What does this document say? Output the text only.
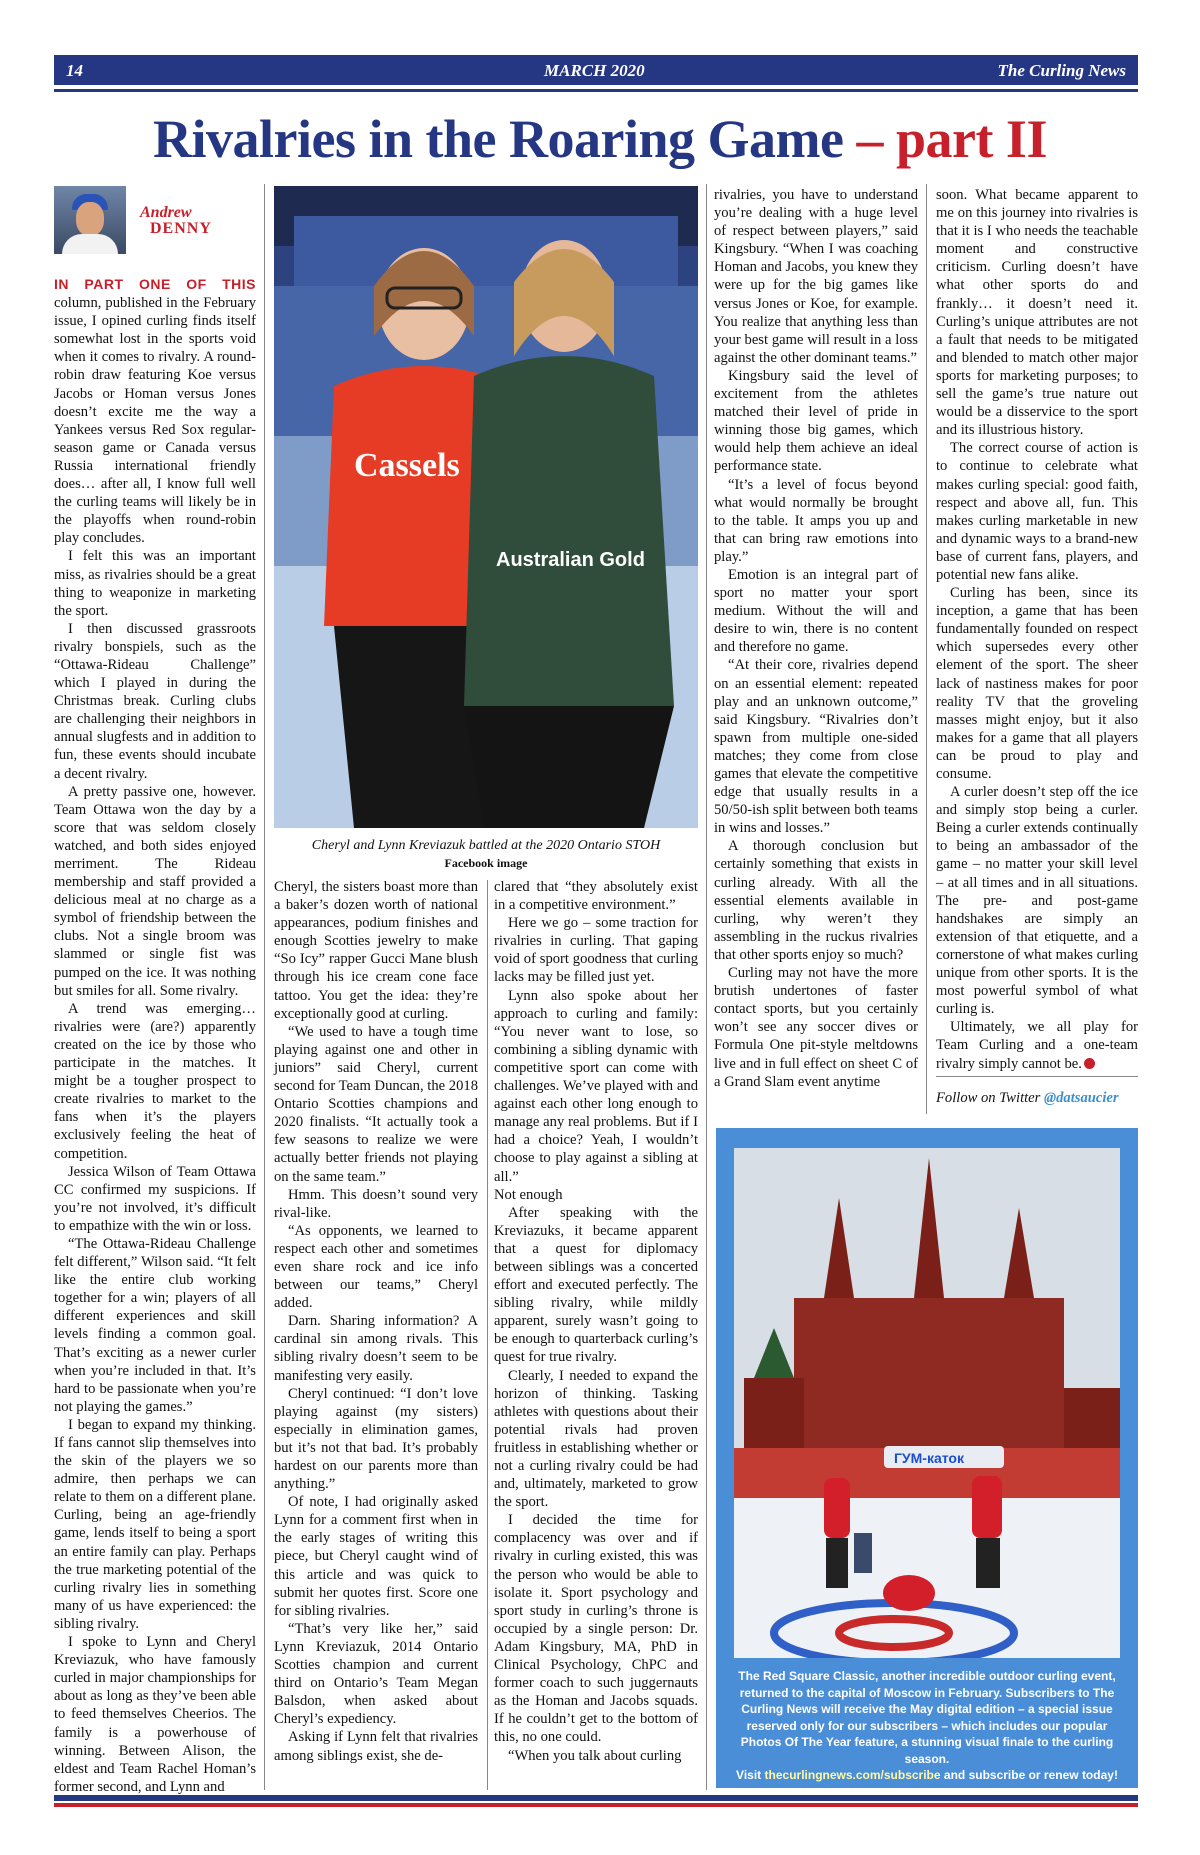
14	MARCH 2020	The Curling News
Rivalries in the Roaring Game – part II
Andrew
DENNY

IN PART ONE OF THIS column, published in the February issue, I opined curling finds itself somewhat lost in the sports void when it comes to rivalry. A round-robin draw featuring Koe versus Jacobs or Homan versus Jones doesn’t excite me the way a Yankees versus Red Sox regular-season game or Canada versus Russia international friendly does… after all, I know full well the curling teams will likely be in the playoffs when round-robin play concludes.

I felt this was an important miss, as rivalries should be a great thing to weaponize in marketing the sport.

I then discussed grassroots rivalry bonspiels, such as the “Ottawa-Rideau Challenge” which I played in during the Christmas break. Curling clubs are challenging their neighbors in annual slugfests and in addition to fun, these events should incubate a decent rivalry.

A pretty passive one, however. Team Ottawa won the day by a score that was seldom closely watched, and both sides enjoyed merriment. The Rideau membership and staff provided a delicious meal at no charge as a symbol of friendship between the clubs. Not a single broom was slammed or single fist was pumped on the ice. It was nothing but smiles for all. Some rivalry.

A trend was emerging… rivalries were (are?) apparently created on the ice by those who participate in the matches. It might be a tougher prospect to create rivalries to market to the fans when it’s the players exclusively feeling the heat of competition.

Jessica Wilson of Team Ottawa CC confirmed my suspicions. If you’re not involved, it’s difficult to empathize with the win or loss.

“The Ottawa-Rideau Challenge felt different,” Wilson said. “It felt like the entire club working together for a win; players of all different experiences and skill levels finding a common goal. That’s exciting as a newer curler when you’re included in that. It’s hard to be passionate when you’re not playing the games.”

I began to expand my thinking. If fans cannot slip themselves into the skin of the players we so admire, then perhaps we can relate to them on a different plane. Curling, being an age-friendly game, lends itself to being a sport an entire family can play. Perhaps the true marketing potential of the curling rivalry lies in something many of us have experienced: the sibling rivalry.

I spoke to Lynn and Cheryl Kreviazuk, who have famously curled in major championships for about as long as they’ve been able to feed themselves Cheerios. The family is a powerhouse of winning. Between Alison, the eldest and Team Rachel Homan’s former second, and Lynn and

Cassels
Australian Gold
Cheryl and Lynn Kreviazuk battled at the 2020 Ontario STOH
Facebook image

Cheryl, the sisters boast more than a baker’s dozen worth of national appearances, podium finishes and enough Scotties jewelry to make “So Icy” rapper Gucci Mane blush through his ice cream cone face tattoo. You get the idea: they’re exceptionally good at curling.

“We used to have a tough time playing against one and other in juniors” said Cheryl, current second for Team Duncan, the 2018 Ontario Scotties champions and 2020 finalists. “It actually took a few seasons to realize we were actually better friends not playing on the same team.”

Hmm. This doesn’t sound very rival-like.

“As opponents, we learned to respect each other and sometimes even share rock and ice info between our teams,” Cheryl added.

Darn. Sharing information? A cardinal sin among rivals. This sibling rivalry doesn’t seem to be manifesting very easily.

Cheryl continued: “I don’t love playing against (my sisters) especially in elimination games, but it’s not that bad. It’s probably hardest on our parents more than anything.”

Of note, I had originally asked Lynn for a comment first when in the early stages of writing this piece, but Cheryl caught wind of this article and was quick to submit her quotes first. Score one for sibling rivalries.

“That’s very like her,” said Lynn Kreviazuk, 2014 Ontario Scotties champion and current third on Ontario’s Team Megan Balsdon, when asked about Cheryl’s expediency.

Asking if Lynn felt that rivalries among siblings exist, she de-

clared that “they absolutely exist in a competitive environment.”

Here we go – some traction for rivalries in curling. That gaping void of sport goodness that curling lacks may be filled just yet.

Lynn also spoke about her approach to curling and family: “You never want to lose, so combining a sibling dynamic with competitive sport can come with challenges. We’ve played with and against each other long enough to manage any real problems. But if I had a choice? Yeah, I wouldn’t choose to play against a sibling at all.”

Not enough

After speaking with the Kreviazuks, it became apparent that a quest for diplomacy between siblings was a concerted effort and executed perfectly. The sibling rivalry, while mildly apparent, surely wasn’t going to be enough to quarterback curling’s quest for true rivalry.

Clearly, I needed to expand the horizon of thinking. Tasking athletes with questions about their potential rivals had proven fruitless in establishing whether or not a curling rivalry could be had and, ultimately, marketed to grow the sport.

I decided the time for complacency was over and if rivalry in curling existed, this was the person who would be able to isolate it. Sport psychology and sport study in curling’s throne is occupied by a single person: Dr. Adam Kingsbury, MA, PhD in Clinical Psychology, ChPC and former coach to such juggernauts as the Homan and Jacobs squads. If he couldn’t get to the bottom of this, no one could.

“When you talk about curling

rivalries, you have to understand you’re dealing with a huge level of respect between players,” said Kingsbury. “When I was coaching Homan and Jacobs, you knew they were up for the big games like versus Jones or Koe, for example. You realize that anything less than your best game will result in a loss against the other dominant teams.”

Kingsbury said the level of excitement from the athletes matched their level of pride in winning those big games, which would help them achieve an ideal performance state.

“It’s a level of focus beyond what would normally be brought to the table. It amps you up and that can bring raw emotions into play.”

Emotion is an integral part of sport no matter your sport medium. Without the will and desire to win, there is no content and therefore no game.

“At their core, rivalries depend on an essential element: repeated play and an unknown outcome,” said Kingsbury. “Rivalries don’t spawn from multiple one-sided matches; they come from close games that elevate the competitive edge that usually results in a 50/50-ish split between both teams in wins and losses.”

A thorough conclusion but certainly something that exists in curling already. With all the essential elements available in curling, why weren’t they assembling in the ruckus rivalries that other sports enjoy so much?

Curling may not have the more brutish undertones of faster contact sports, but you certainly won’t see any soccer dives or Formula One pit-style meltdowns live and in full effect on sheet C of a Grand Slam event anytime

soon. What became apparent to me on this journey into rivalries is that it is I who needs the teachable moment and constructive criticism. Curling doesn’t have what other sports do and frankly… it doesn’t need it. Curling’s unique attributes are not a fault that needs to be mitigated and blended to match other major sports for marketing purposes; to sell the game’s true nature out would be a disservice to the sport and its illustrious history.

The correct course of action is to continue to celebrate what makes curling special: good faith, respect and above all, fun. This makes curling marketable in new and dynamic ways to a brand-new base of current fans, players, and potential new fans alike.

Curling has been, since its inception, a game that has been fundamentally founded on respect which supersedes every other element of the sport. The sheer lack of nastiness makes for poor reality TV that the groveling masses might enjoy, but it also makes for a game that all players can be proud to play and consume.

A curler doesn’t step off the ice and simply stop being a curler. Being a curler extends continually to being an ambassador of the game – no matter your skill level – at all times and in all situations. The pre- and post-game handshakes are simply an extension of that etiquette, and a cornerstone of what makes curling unique from other sports. It is the most powerful symbol of what curling is.

Ultimately, we all play for Team Curling and a one-team rivalry simply cannot be.

Follow on Twitter @datsaucier
ГУМ-каток
The Red Square Classic, another incredible outdoor curling event, returned to the capital of Moscow in February. Subscribers to The Curling News will receive the May digital edition – a special issue reserved only for our subscribers – which includes our popular Photos Of The Year feature, a stunning visual finale to the curling season.
Visit thecurlingnews.com/subscribe and subscribe or renew today!
